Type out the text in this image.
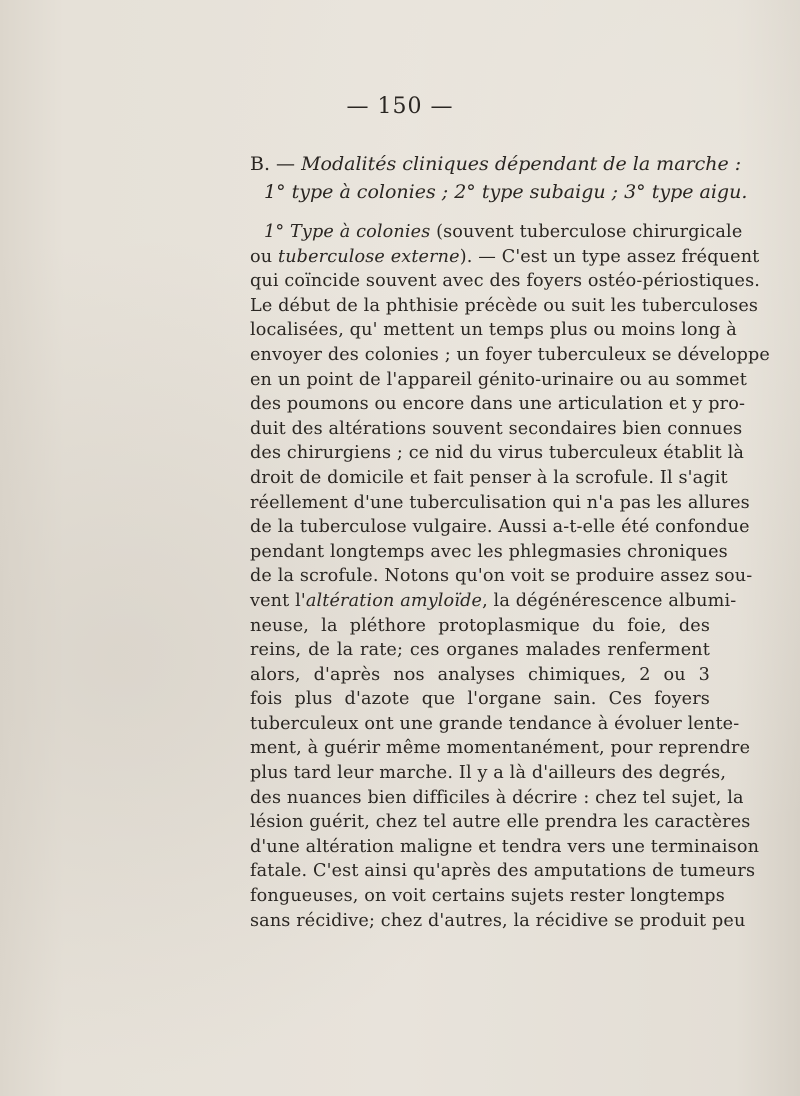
— 150 —
B. — Modalités cliniques dépendant de la marche :
1° type à colonies ; 2° type subaigu ; 3° type aigu.
1° Type à colonies (souvent tuberculose chirurgicale
ou tuberculose externe). — C'est un type assez fréquent
qui coïncide souvent avec des foyers ostéo-périostiques.
Le début de la phthisie précède ou suit les tuberculoses
localisées, qu' mettent un temps plus ou moins long à
envoyer des colonies ; un foyer tuberculeux se développe
en un point de l'appareil génito-urinaire ou au sommet
des poumons ou encore dans une articulation et y pro-
duit des altérations souvent secondaires bien connues
des chirurgiens ; ce nid du virus tuberculeux établit là
droit de domicile et fait penser à la scrofule. Il s'agit
réellement d'une tuberculisation qui n'a pas les allures
de la tuberculose vulgaire. Aussi a-t-elle été confondue
pendant longtemps avec les phlegmasies chroniques
de la scrofule. Notons qu'on voit se produire assez sou-
vent l'altération amyloïde, la dégénérescence albumi-
neuse, la pléthore protoplasmique du foie, des
reins, de la rate; ces organes malades renferment
alors, d'après nos analyses chimiques, 2 ou 3
fois plus d'azote que l'organe sain. Ces foyers
tuberculeux ont une grande tendance à évoluer lente-
ment, à guérir même momentanément, pour reprendre
plus tard leur marche. Il y a là d'ailleurs des degrés,
des nuances bien difficiles à décrire : chez tel sujet, la
lésion guérit, chez tel autre elle prendra les caractères
d'une altération maligne et tendra vers une terminaison
fatale. C'est ainsi qu'après des amputations de tumeurs
fongueuses, on voit certains sujets rester longtemps
sans récidive; chez d'autres, la récidive se produit peu
